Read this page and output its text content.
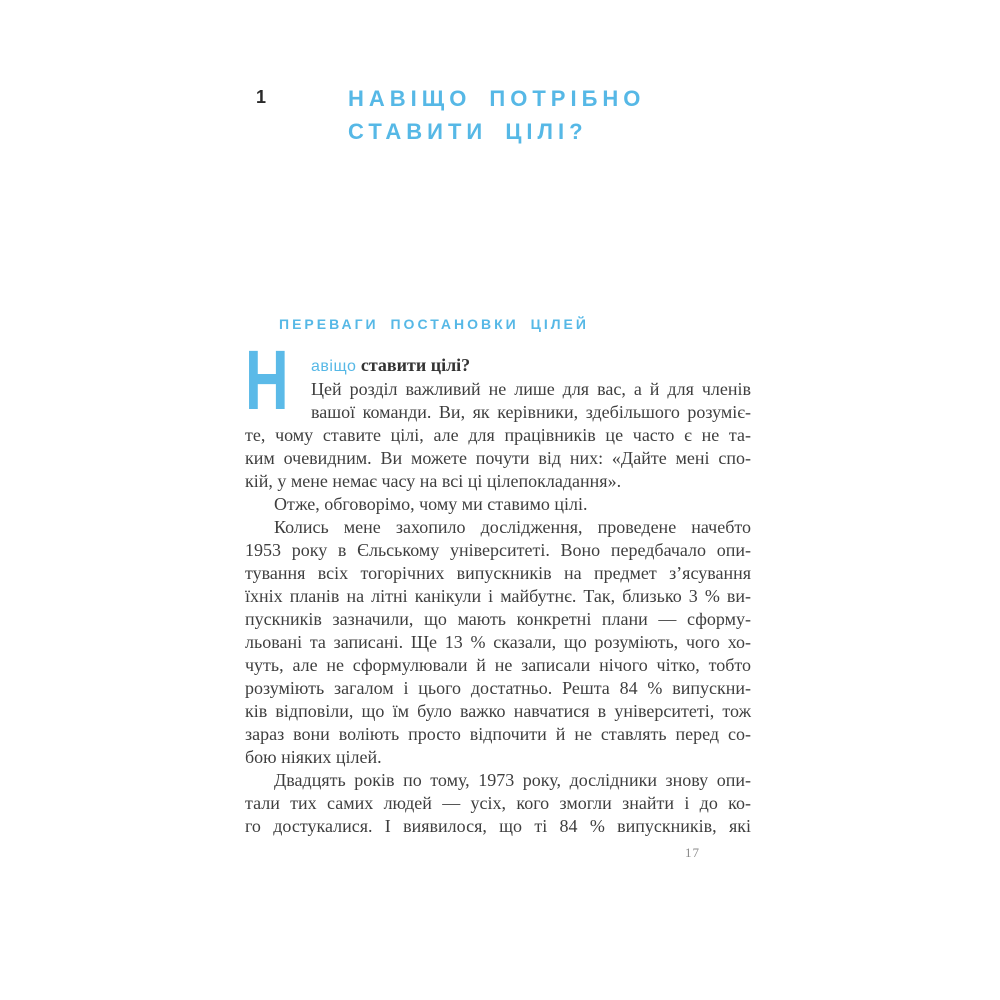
1	НАВІЩО ПОТРІБНО
СТАВИТИ ЦІЛІ?
ПЕРЕВАГИ ПОСТАНОВКИ ЦІЛЕЙ
Н	авіщо ставити цілі?
Цей розділ важливий не лише для вас, а й для членів
вашої команди. Ви, як керівники, здебільшого розуміє-
те, чому ставите цілі, але для працівників це часто є не та-
ким очевидним. Ви можете почути від них: «Дайте мені спо-
кій, у мене немає часу на всі ці цілепокладання».
Отже, обговорімо, чому ми ставимо цілі.
Колись мене захопило дослідження, проведене начебто
1953 року в Єльському університеті. Воно передбачало опи-
тування всіх тогорічних випускників на предмет з’ясування
їхніх планів на літні канікули і майбутнє. Так, близько 3 % ви-
пускників зазначили, що мають конкретні плани — сформу-
льовані та записані. Ще 13 % сказали, що розуміють, чого хо-
чуть, але не сформулювали й не записали нічого чітко, тобто
розуміють загалом і цього достатньо. Решта 84 % випускни-
ків відповіли, що їм було важко навчатися в університеті, тож
зараз вони воліють просто відпочити й не ставлять перед со-
бою ніяких цілей.
Двадцять років по тому, 1973 року, дослідники знову опи-
тали тих самих людей — усіх, кого змогли знайти і до ко-
го достукалися. І виявилося, що ті 84 % випускників, які
17
